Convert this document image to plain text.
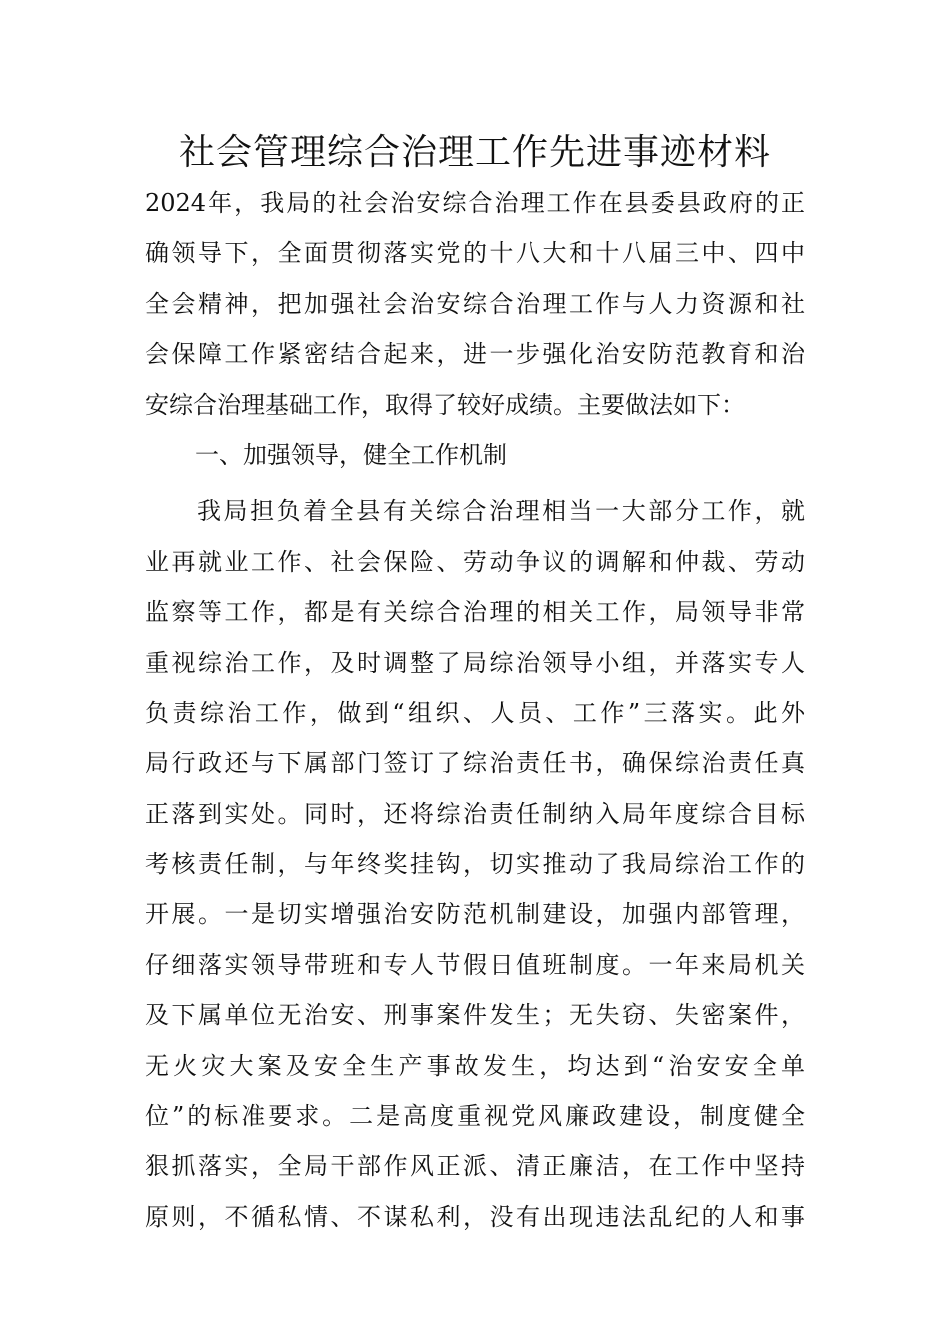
社会管理综合治理工作先进事迹材料
2024年，我局的社会治安综合治理工作在县委县政府的正
确领导下，全面贯彻落实党的十八大和十八届三中、四中
全会精神，把加强社会治安综合治理工作与人力资源和社
会保障工作紧密结合起来，进一步强化治安防范教育和治
安综合治理基础工作，取得了较好成绩。主要做法如下：
一、加强领导，健全工作机制
我局担负着全县有关综合治理相当一大部分工作，就
业再就业工作、社会保险、劳动争议的调解和仲裁、劳动
监察等工作，都是有关综合治理的相关工作，局领导非常
重视综治工作，及时调整了局综治领导小组，并落实专人
负责综治工作，做到“组织、人员、工作”三落实。此外
局行政还与下属部门签订了综治责任书，确保综治责任真
正落到实处。同时，还将综治责任制纳入局年度综合目标
考核责任制，与年终奖挂钩，切实推动了我局综治工作的
开展。一是切实增强治安防范机制建设，加强内部管理，
仔细落实领导带班和专人节假日值班制度。一年来局机关
及下属单位无治安、刑事案件发生；无失窃、失密案件，
无火灾大案及安全生产事故发生，均达到“治安安全单
位”的标准要求。二是高度重视党风廉政建设，制度健全
狠抓落实，全局干部作风正派、清正廉洁，在工作中坚持
原则，不循私情、不谋私利，没有出现违法乱纪的人和事
